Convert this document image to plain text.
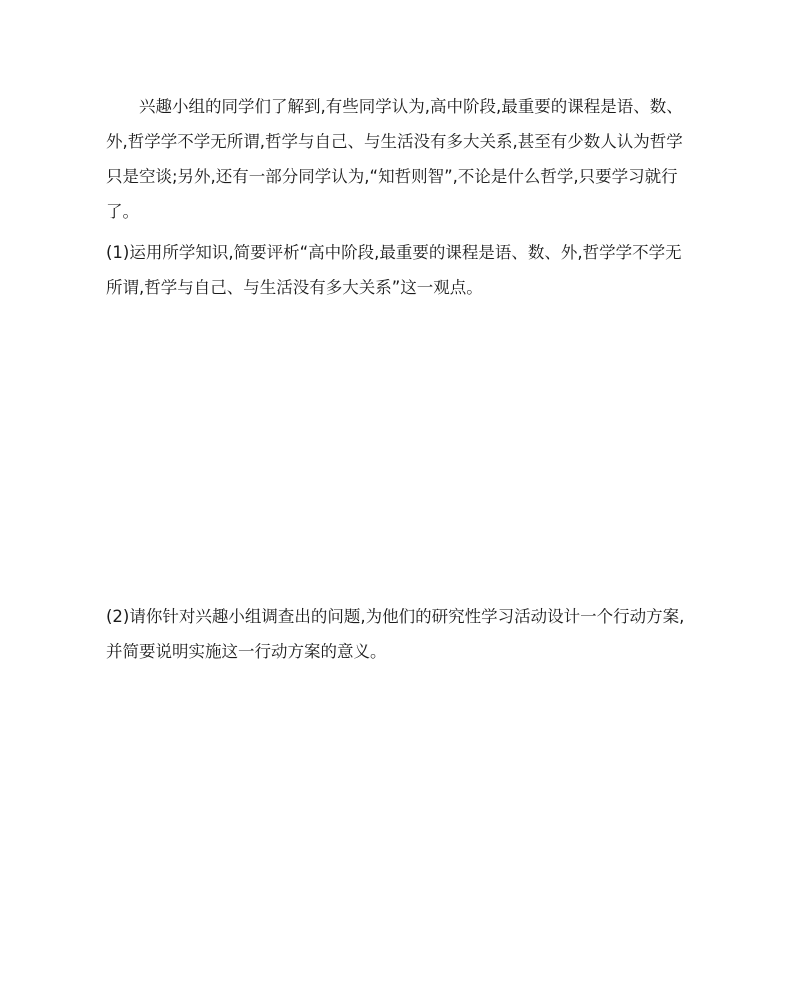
兴趣小组的同学们了解到,有些同学认为,高中阶段,最重要的课程是语、数、外,哲学学不学无所谓,哲学与自己、与生活没有多大关系,甚至有少数人认为哲学只是空谈;另外,还有一部分同学认为,“知哲则智”,不论是什么哲学,只要学习就行了。

(1)运用所学知识,简要评析“高中阶段,最重要的课程是语、数、外,哲学学不学无所谓,哲学与自己、与生活没有多大关系”这一观点。

(2)请你针对兴趣小组调查出的问题,为他们的研究性学习活动设计一个行动方案,并简要说明实施这一行动方案的意义。
